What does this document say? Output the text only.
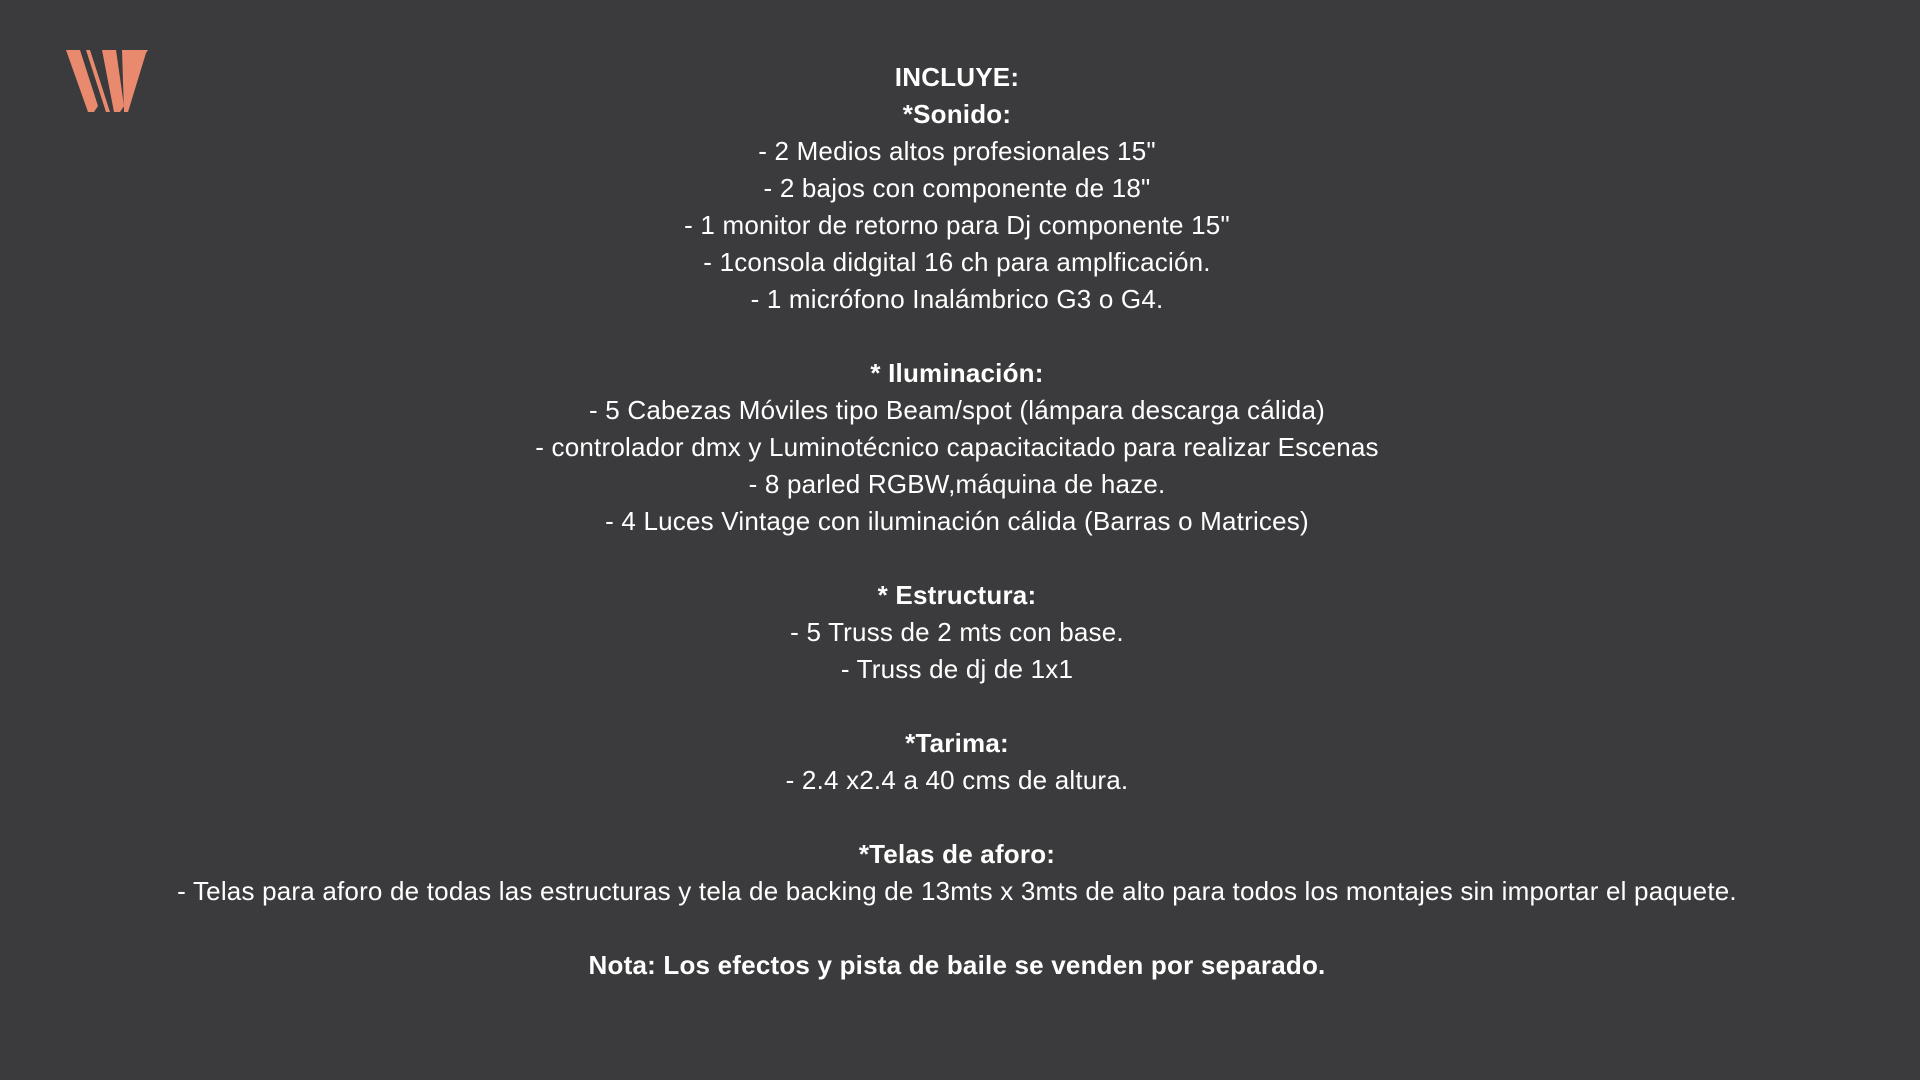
INCLUYE:
*Sonido:
- 2 Medios altos profesionales 15"
- 2 bajos con componente de 18"
- 1 monitor de retorno para Dj componente 15"
- 1consola didgital 16 ch para amplficación.
- 1 micrófono Inalámbrico G3 o G4.
* Iluminación:
- 5 Cabezas Móviles tipo Beam/spot (lámpara descarga cálida)
- controlador dmx y Luminotécnico capacitacitado para realizar Escenas
- 8 parled RGBW,máquina de haze.
- 4 Luces Vintage con iluminación cálida (Barras o Matrices)
* Estructura:
- 5 Truss de 2 mts con base.
- Truss de dj de 1x1
*Tarima:
- 2.4 x2.4 a 40 cms de altura.
*Telas de aforo:
- Telas para aforo de todas las estructuras y tela de backing de 13mts x 3mts de alto para todos los montajes sin importar el paquete.
Nota: Los efectos y pista de baile se venden por separado.
